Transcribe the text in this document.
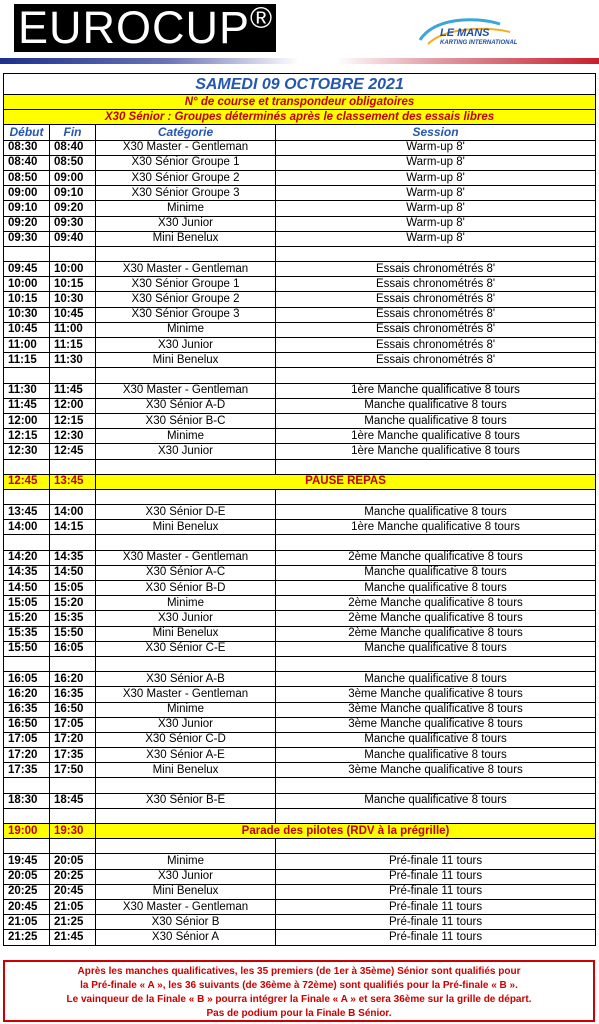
EUROCUP®	LE MANS
KARTING INTERNATIONAL
SAMEDI 09 OCTOBRE 2021			
N° de course et transpondeur obligatoires			
X30 Sénior : Groupes déterminés après le classement des essais libres			
Début	Fin	Catégorie	Session
08:30	08:40	X30 Master - Gentleman	Warm-up 8'
08:40	08:50	X30 Sénior Groupe 1	Warm-up 8'
08:50	09:00	X30 Sénior Groupe 2	Warm-up 8'
09:00	09:10	X30 Sénior Groupe 3	Warm-up 8'
09:10	09:20	Minime	Warm-up 8'
09:20	09:30	X30 Junior	Warm-up 8'
09:30	09:40	Mini Benelux	Warm-up 8'

09:45	10:00	X30 Master - Gentleman	Essais chronométrés 8'
10:00	10:15	X30 Sénior Groupe 1	Essais chronométrés 8'
10:15	10:30	X30 Sénior Groupe 2	Essais chronométrés 8'
10:30	10:45	X30 Sénior Groupe 3	Essais chronométrés 8'
10:45	11:00	Minime	Essais chronométrés 8'
11:00	11:15	X30 Junior	Essais chronométrés 8'
11:15	11:30	Mini Benelux	Essais chronométrés 8'

11:30	11:45	X30 Master - Gentleman	1ère Manche qualificative 8 tours
11:45	12:00	X30 Sénior A-D	Manche qualificative 8 tours
12:00	12:15	X30 Sénior B-C	Manche qualificative 8 tours
12:15	12:30	Minime	1ère Manche qualificative 8 tours
12:30	12:45	X30 Junior	1ère Manche qualificative 8 tours

12:45	13:45	PAUSE REPAS	

13:45	14:00	X30 Sénior D-E	Manche qualificative 8 tours
14:00	14:15	Mini Benelux	1ère Manche qualificative 8 tours

14:20	14:35	X30 Master - Gentleman	2ème Manche qualificative 8 tours
14:35	14:50	X30 Sénior A-C	Manche qualificative 8 tours
14:50	15:05	X30 Sénior B-D	Manche qualificative 8 tours
15:05	15:20	Minime	2ème Manche qualificative 8 tours
15:20	15:35	X30 Junior	2ème Manche qualificative 8 tours
15:35	15:50	Mini Benelux	2ème Manche qualificative 8 tours
15:50	16:05	X30 Sénior C-E	Manche qualificative 8 tours

16:05	16:20	X30 Sénior A-B	Manche qualificative 8 tours
16:20	16:35	X30 Master - Gentleman	3ème Manche qualificative 8 tours
16:35	16:50	Minime	3ème Manche qualificative 8 tours
16:50	17:05	X30 Junior	3ème Manche qualificative 8 tours
17:05	17:20	X30 Sénior C-D	Manche qualificative 8 tours
17:20	17:35	X30 Sénior A-E	Manche qualificative 8 tours
17:35	17:50	Mini Benelux	3ème Manche qualificative 8 tours

18:30	18:45	X30 Sénior B-E	Manche qualificative 8 tours

19:00	19:30	Parade des pilotes (RDV à la prégrille)	

19:45	20:05	Minime	Pré-finale 11 tours
20:05	20:25	X30 Junior	Pré-finale 11 tours
20:25	20:45	Mini Benelux	Pré-finale 11 tours
20:45	21:05	X30 Master - Gentleman	Pré-finale 11 tours
21:05	21:25	X30 Sénior B	Pré-finale 11 tours
21:25	21:45	X30 Sénior A	Pré-finale 11 tours

Après les manches qualificatives, les 35 premiers (de 1er à 35ème) Sénior sont qualifiés pour

la Pré-finale « A », les 36 suivants (de 36ème à 72ème) sont qualifiés pour la Pré-finale « B ».

Le vainqueur de la Finale « B » pourra intégrer la Finale « A » et sera 36ème sur la grille de départ.

Pas de podium pour la Finale B Sénior.
